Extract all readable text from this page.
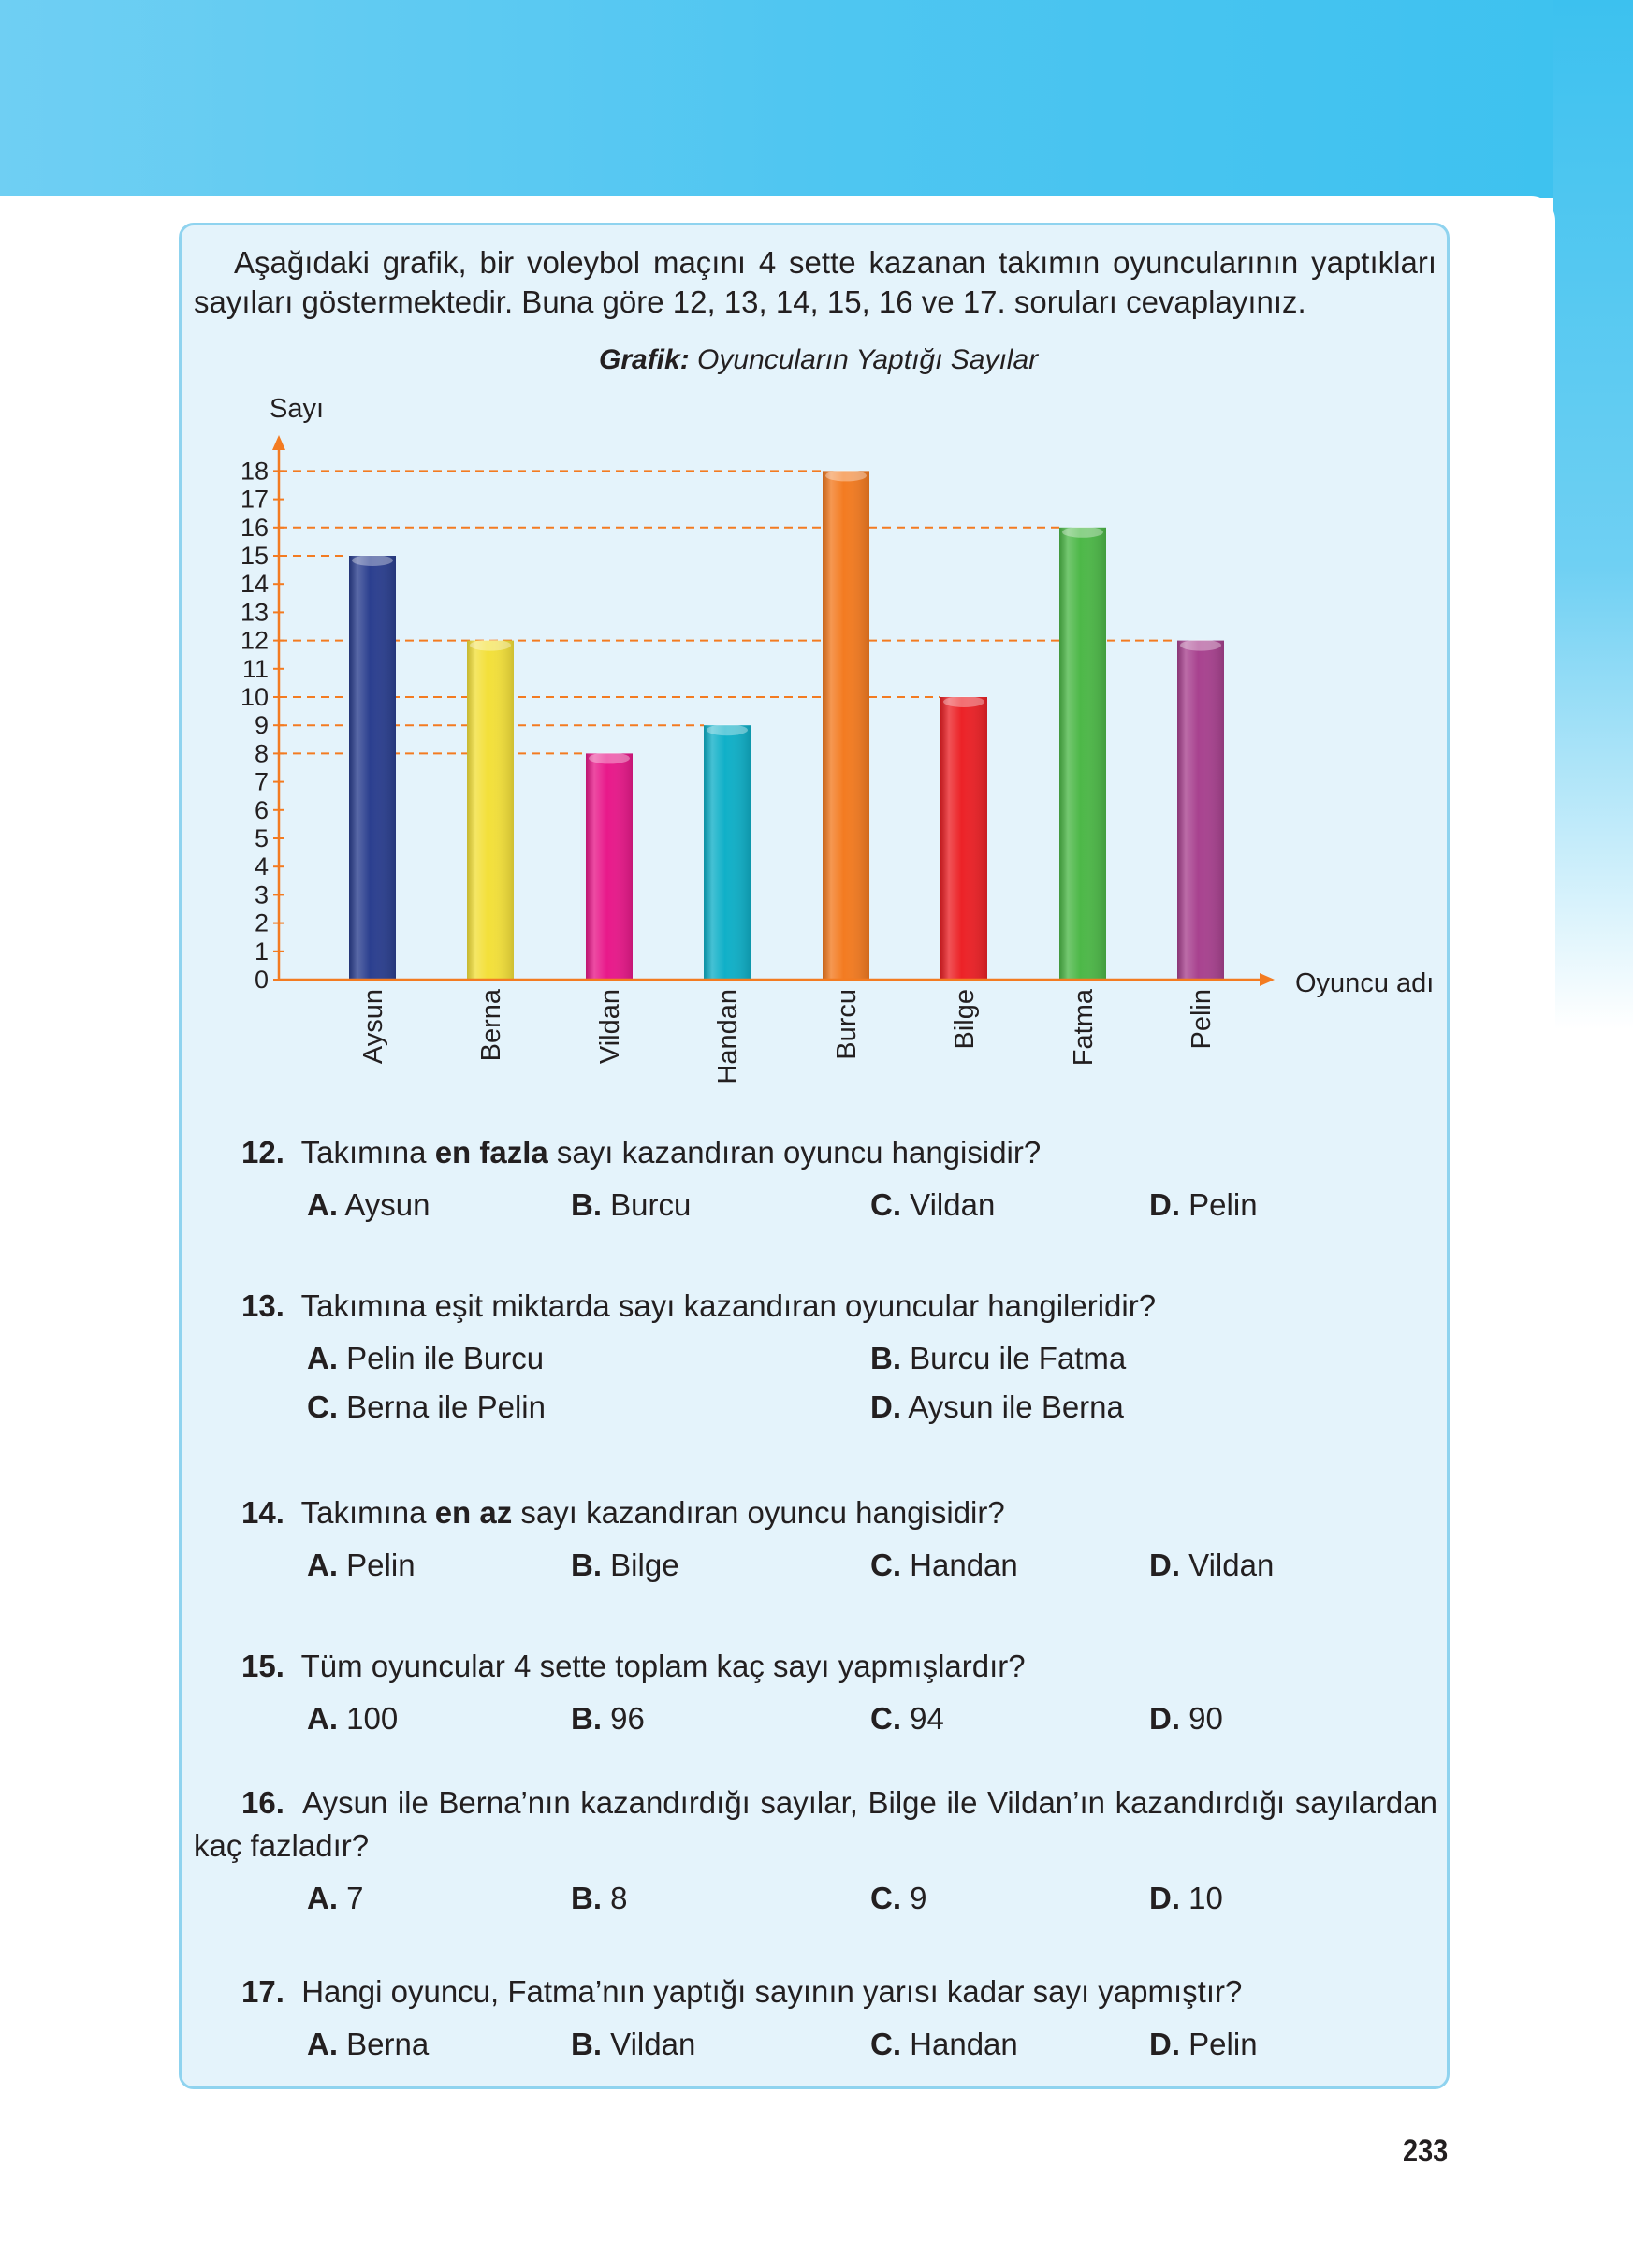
Aşağıdaki grafik, bir voleybol maçını 4 sette kazanan takımın oyuncularının yaptıkları
sayıları göstermektedir. Buna göre 12, 13, 14, 15, 16 ve 17. soruları cevaplayınız.
Grafik: Oyuncuların Yaptığı Sayılar
0
1
2
3
4
5
6
7
8
9
10
11
12
13
14
15
16
17
18
Sayı
Oyuncu adı
Aysun	Berna	Vildan	Handan	Burcu	Bilge	Fatma	Pelin
12. Takımına en fazla sayı kazandıran oyuncu hangisidir?
A. Aysun	B. Burcu	C. Vildan	D. Pelin
13. Takımına eşit miktarda sayı kazandıran oyuncular hangileridir?
A. Pelin ile Burcu	B. Burcu ile Fatma
C. Berna ile Pelin	D. Aysun ile Berna
14. Takımına en az sayı kazandıran oyuncu hangisidir?
A. Pelin	B. Bilge	C. Handan	D. Vildan
15. Tüm oyuncular 4 sette toplam kaç sayı yapmışlardır?
A. 100	B. 96	C. 94	D. 90
16. Aysun ile Berna’nın kazandırdığı sayılar, Bilge ile Vildan’ın kazandırdığı sayılardan
kaç fazladır?
A. 7	B. 8	C. 9	D. 10
17. Hangi oyuncu, Fatma’nın yaptığı sayının yarısı kadar sayı yapmıştır?
A. Berna	B. Vildan	C. Handan	D. Pelin
233
